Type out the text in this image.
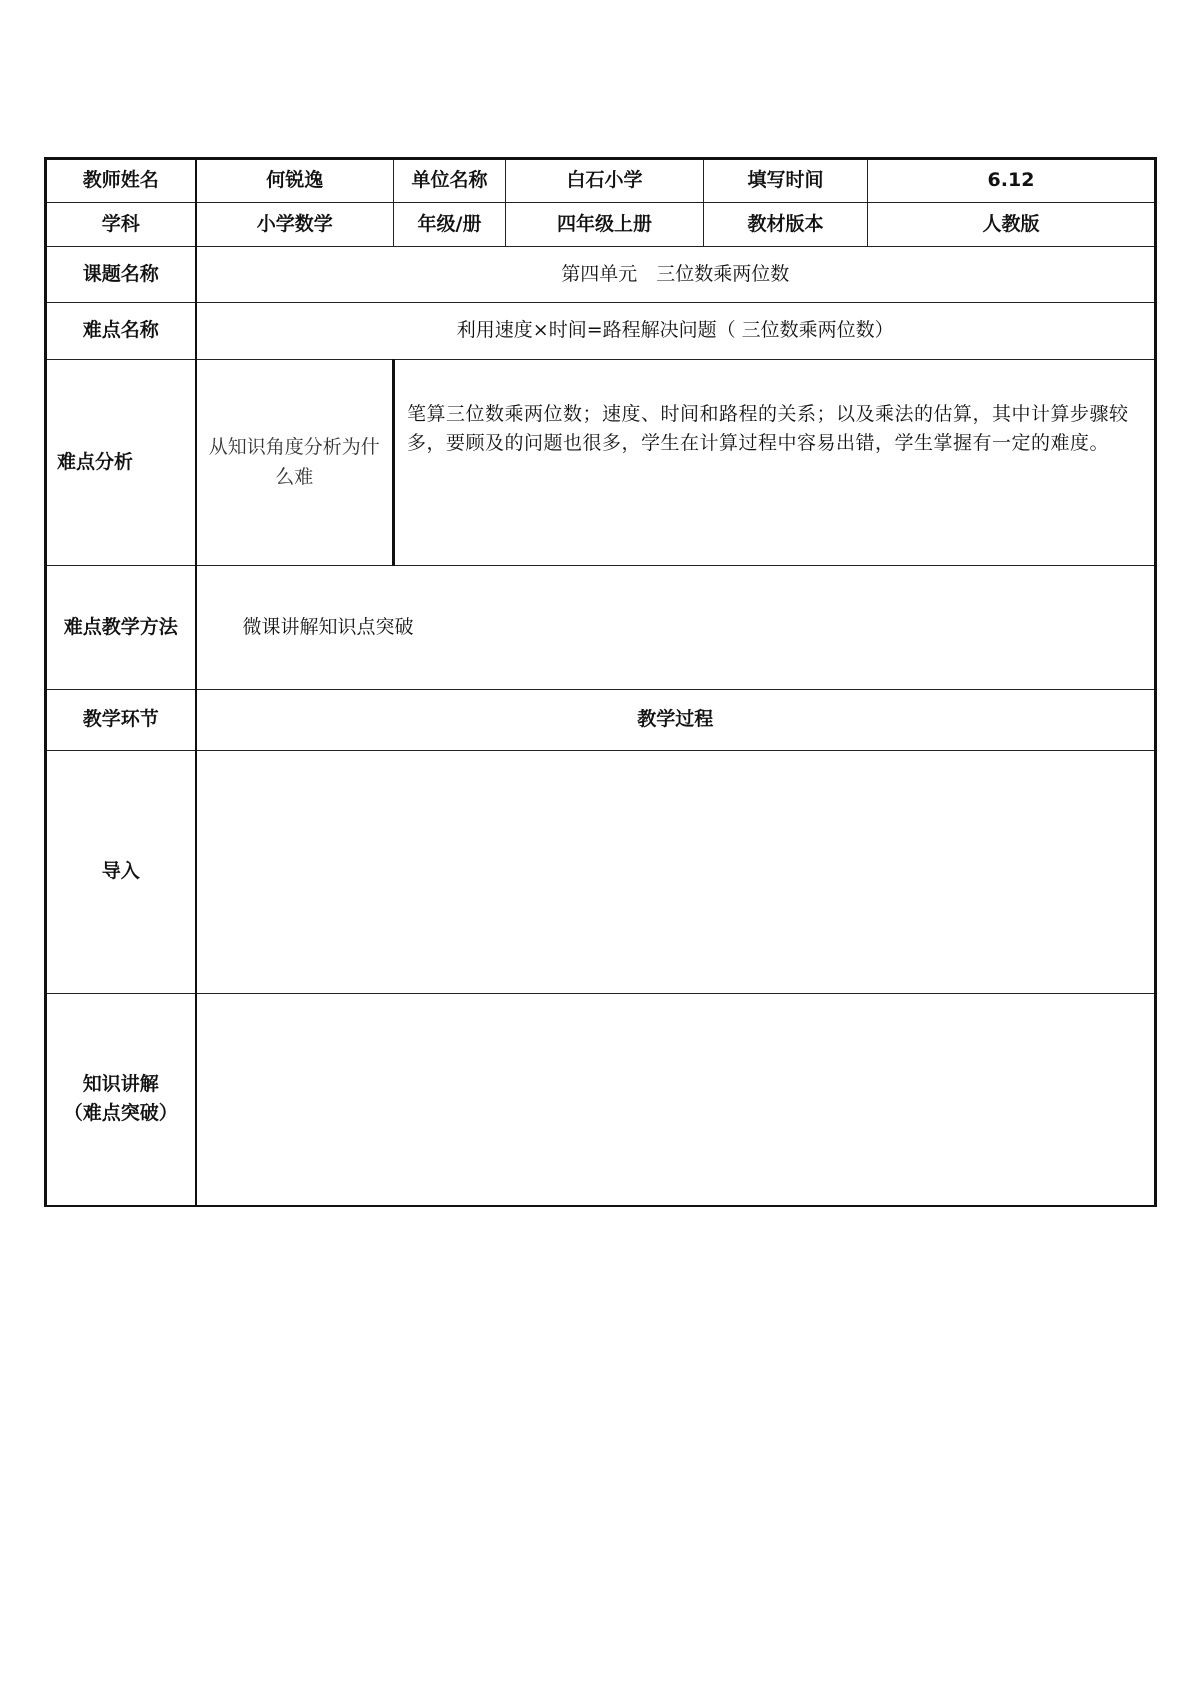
教师姓名	何锐逸	单位名称	白石小学	填写时间	6.12
学科	小学数学	年级/册	四年级上册	教材版本	人教版
课题名称	第四单元　三位数乘两位数				
难点名称	利用速度×时间=路程解决问题（ 三位数乘两位数）				
难点分析	从知识角度分析为什么难	笔算三位数乘两位数；速度、时间和路程的关系；以及乘法的估算，其中计算步骤较多，要顾及的问题也很多，学生在计算过程中容易出错，学生掌握有一定的难度。			
难点教学方法	微课讲解知识点突破				
教学环节	教学过程				
导入					

知识讲解
（难点突破）					
